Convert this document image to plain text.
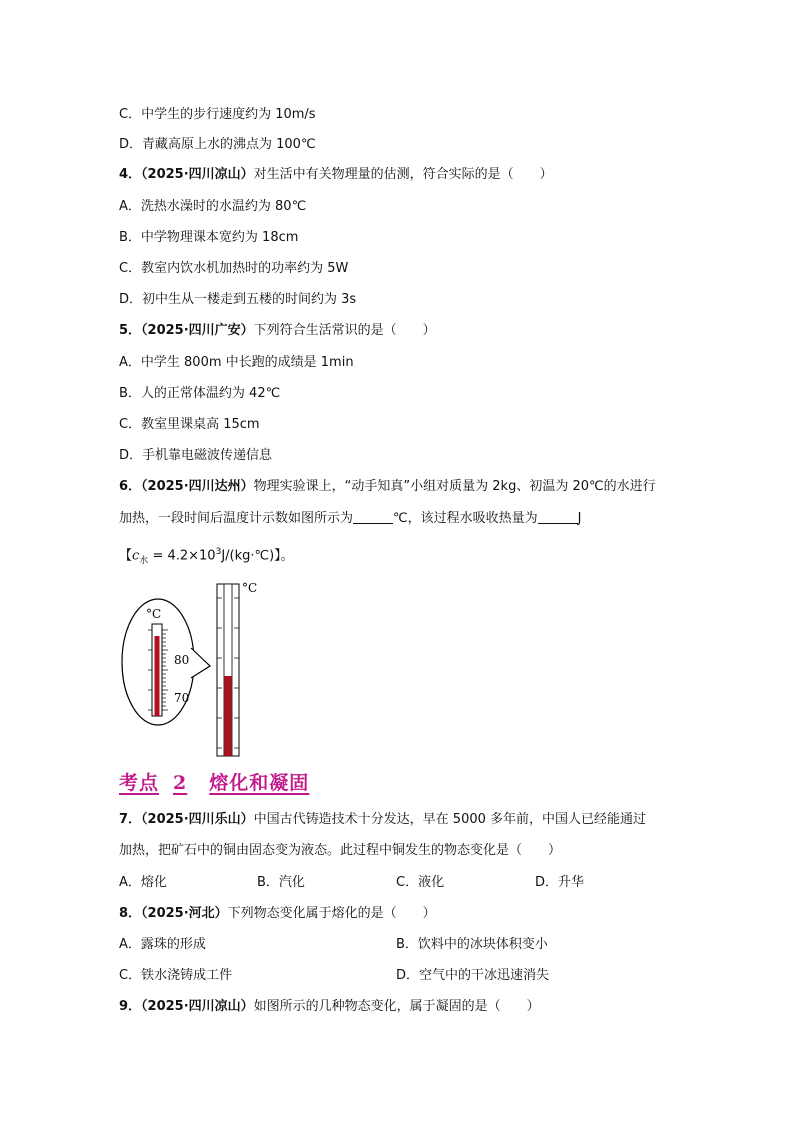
C．中学生的步行速度约为 10m/s
D．青藏高原上水的沸点为 100℃
4．（2025·四川凉山）对生活中有关物理量的估测，符合实际的是（　　）
A．洗热水澡时的水温约为 80℃
B．中学物理课本宽约为 18cm
C．教室内饮水机加热时的功率约为 5W
D．初中生从一楼走到五楼的时间约为 3s
5．（2025·四川广安）下列符合生活常识的是（　　）
A．中学生 800m 中长跑的成绩是 1min
B．人的正常体温约为 42℃
C．教室里课桌高 15cm
D．手机靠电磁波传递信息
6．（2025·四川达州）物理实验课上，“动手知真”小组对质量为 2kg、初温为 20℃的水进行
加热，一段时间后温度计示数如图所示为	℃，该过程水吸收热量为	J
【$c_水$ = $4.2\times 10^3J/(kg\cdot℃)$】。
°C
80
70
°C
考点 2 熔化和凝固
7．（2025·四川乐山）中国古代铸造技术十分发达，早在 5000 多年前，中国人已经能通过
加热，把矿石中的铜由固态变为液态。此过程中铜发生的物态变化是（　　）
A．熔化	B．汽化	C．液化	D．升华
8．（2025·河北）下列物态变化属于熔化的是（　　）
A．露珠的形成	B．饮料中的冰块体积变小
C．铁水浇铸成工件	D．空气中的干冰迅速消失
9．（2025·四川凉山）如图所示的几种物态变化，属于凝固的是（　　）
